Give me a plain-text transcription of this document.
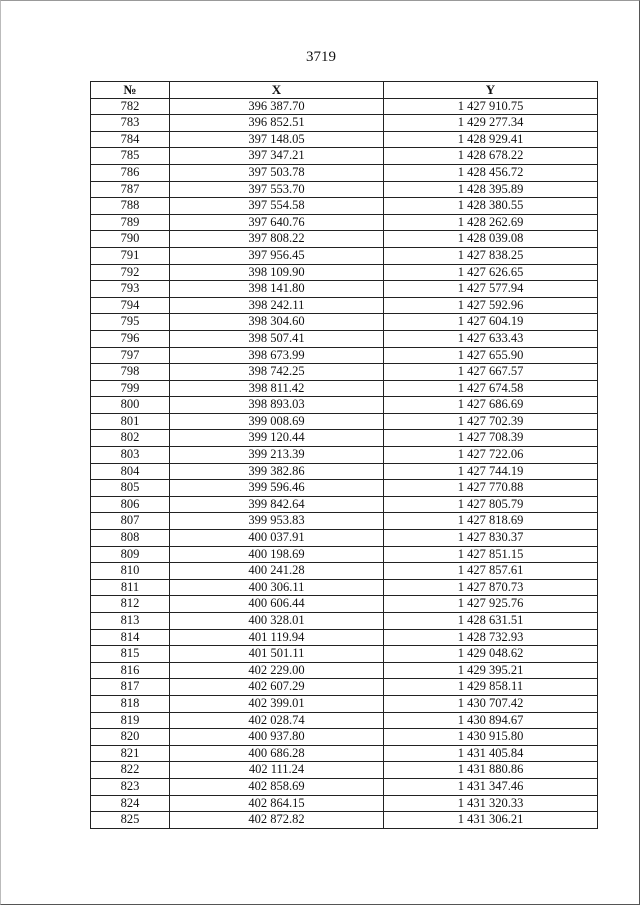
3719
№	X	Y
782	396 387.70	1 427 910.75
783	396 852.51	1 429 277.34
784	397 148.05	1 428 929.41
785	397 347.21	1 428 678.22
786	397 503.78	1 428 456.72
787	397 553.70	1 428 395.89
788	397 554.58	1 428 380.55
789	397 640.76	1 428 262.69
790	397 808.22	1 428 039.08
791	397 956.45	1 427 838.25
792	398 109.90	1 427 626.65
793	398 141.80	1 427 577.94
794	398 242.11	1 427 592.96
795	398 304.60	1 427 604.19
796	398 507.41	1 427 633.43
797	398 673.99	1 427 655.90
798	398 742.25	1 427 667.57
799	398 811.42	1 427 674.58
800	398 893.03	1 427 686.69
801	399 008.69	1 427 702.39
802	399 120.44	1 427 708.39
803	399 213.39	1 427 722.06
804	399 382.86	1 427 744.19
805	399 596.46	1 427 770.88
806	399 842.64	1 427 805.79
807	399 953.83	1 427 818.69
808	400 037.91	1 427 830.37
809	400 198.69	1 427 851.15
810	400 241.28	1 427 857.61
811	400 306.11	1 427 870.73
812	400 606.44	1 427 925.76
813	400 328.01	1 428 631.51
814	401 119.94	1 428 732.93
815	401 501.11	1 429 048.62
816	402 229.00	1 429 395.21
817	402 607.29	1 429 858.11
818	402 399.01	1 430 707.42
819	402 028.74	1 430 894.67
820	400 937.80	1 430 915.80
821	400 686.28	1 431 405.84
822	402 111.24	1 431 880.86
823	402 858.69	1 431 347.46
824	402 864.15	1 431 320.33
825	402 872.82	1 431 306.21
